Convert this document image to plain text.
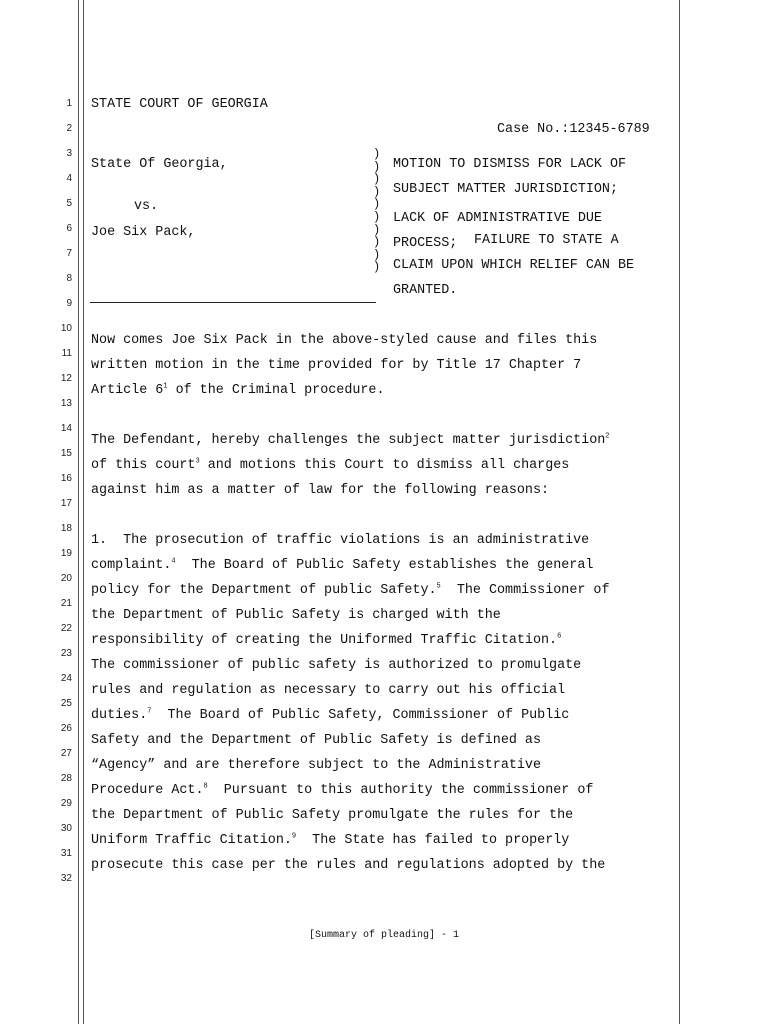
1
2
3
4
5
6
7
8
9
10
11
12
13
14
15
16
17
18
19
20
21
22
23
24
25
26
27
28
29
30
31
32
STATE COURT OF GEORGIA
Case No.:12345-6789
State Of Georgia,
vs.
Joe Six Pack,
)
)
)
)
)
)
)
)
)
)
MOTION TO DISMISS FOR LACK OF
SUBJECT MATTER JURISDICTION;
LACK OF ADMINISTRATIVE DUE
PROCESS; FAILURE TO STATE A
CLAIM UPON WHICH RELIEF CAN BE
GRANTED.
Now comes Joe Six Pack in the above-styled cause and files this
written motion in the time provided for by Title 17 Chapter 7
Article $6^1$ of the Criminal procedure.
The Defendant, hereby challenges the subject matter jurisdiction$^2$
of this court$^3$ and motions this Court to dismiss all charges
against him as a matter of law for the following reasons:
1.  The prosecution of traffic violations is an administrative
complaint.$^4$  The Board of Public Safety establishes the general
policy for the Department of public Safety.$^5$  The Commissioner of
the Department of Public Safety is charged with the
responsibility of creating the Uniformed Traffic Citation.$^6$
The commissioner of public safety is authorized to promulgate
rules and regulation as necessary to carry out his official
duties.$^7$  The Board of Public Safety, Commissioner of Public
Safety and the Department of Public Safety is defined as
“Agency” and are therefore subject to the Administrative
Procedure Act.$^8$  Pursuant to this authority the commissioner of
the Department of Public Safety promulgate the rules for the
Uniform Traffic Citation.$^9$  The State has failed to properly
prosecute this case per the rules and regulations adopted by the
[Summary of pleading] - 1
